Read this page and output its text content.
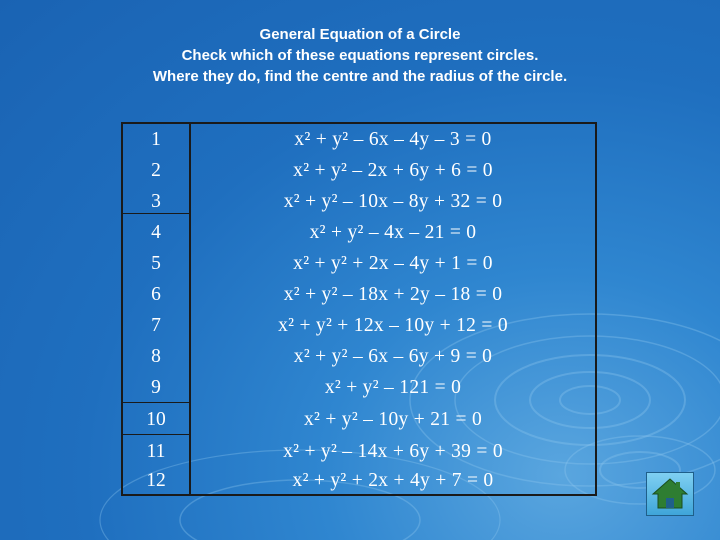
General Equation of a Circle
Check which of these equations represent circles.
Where they do, find the centre and the radius of the circle.
1	x² + y² – 6x – 4y – 3 = 0
2	x² + y² – 2x + 6y + 6 = 0
3	x² + y² – 10x – 8y + 32 = 0
4	x² + y² – 4x – 21 = 0
5	x² + y² + 2x – 4y + 1 = 0
6	x² + y² – 18x + 2y – 18 = 0
7	x² + y² + 12x – 10y + 12 = 0
8	x² + y² – 6x – 6y + 9 = 0
9	x² + y² – 121 = 0
10	x² + y² – 10y + 21 = 0
11	x² + y² – 14x + 6y + 39 = 0
12	x² + y² + 2x + 4y + 7 = 0
